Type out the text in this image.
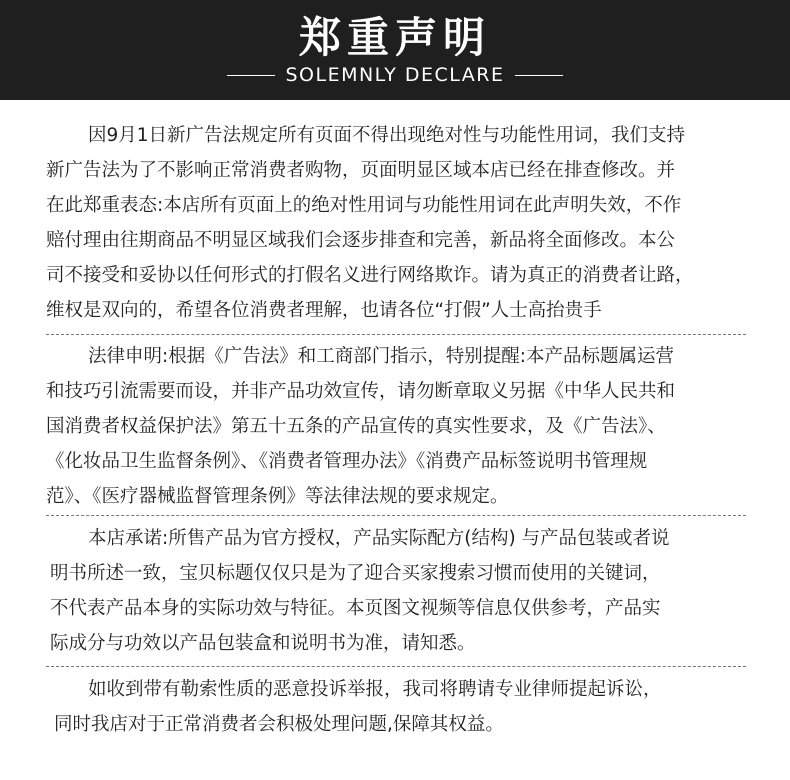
郑重声明
SOLEMNLY DECLARE
因9月1日新广告法规定所有页面不得出现绝对性与功能性用词，我们支持
新广告法为了不影响正常消费者购物，页面明显区域本店已经在排查修改。并
在此郑重表态:本店所有页面上的绝对性用词与功能性用词在此声明失效，不作
赔付理由往期商品不明显区域我们会逐步排查和完善，新品将全面修改。本公
司不接受和妥协以任何形式的打假名义进行网络欺诈。请为真正的消费者让路，
维权是双向的，希望各位消费者理解，也请各位“打假”人士高抬贵手
法律申明:根据《广告法》和工商部门指示，特别提醒:本产品标题属运营
和技巧引流需要而设，并非产品功效宣传，请勿断章取义另据《中华人民共和
国消费者权益保护法》第五十五条的产品宣传的真实性要求，及《广告法》、
《化妆品卫生监督条例》、《消费者管理办法》《消费产品标签说明书管理规
范》、《医疗器械监督管理条例》等法律法规的要求规定。
本店承诺:所售产品为官方授权，产品实际配方(结构) 与产品包装或者说
明书所述一致，宝贝标题仅仅只是为了迎合买家搜索习惯而使用的关键词，
不代表产品本身的实际功效与特征。本页图文视频等信息仅供参考，产品实
际成分与功效以产品包装盒和说明书为准，请知悉。
如收到带有勒索性质的恶意投诉举报，我司将聘请专业律师提起诉讼，
同时我店对于正常消费者会积极处理问题,保障其权益。
